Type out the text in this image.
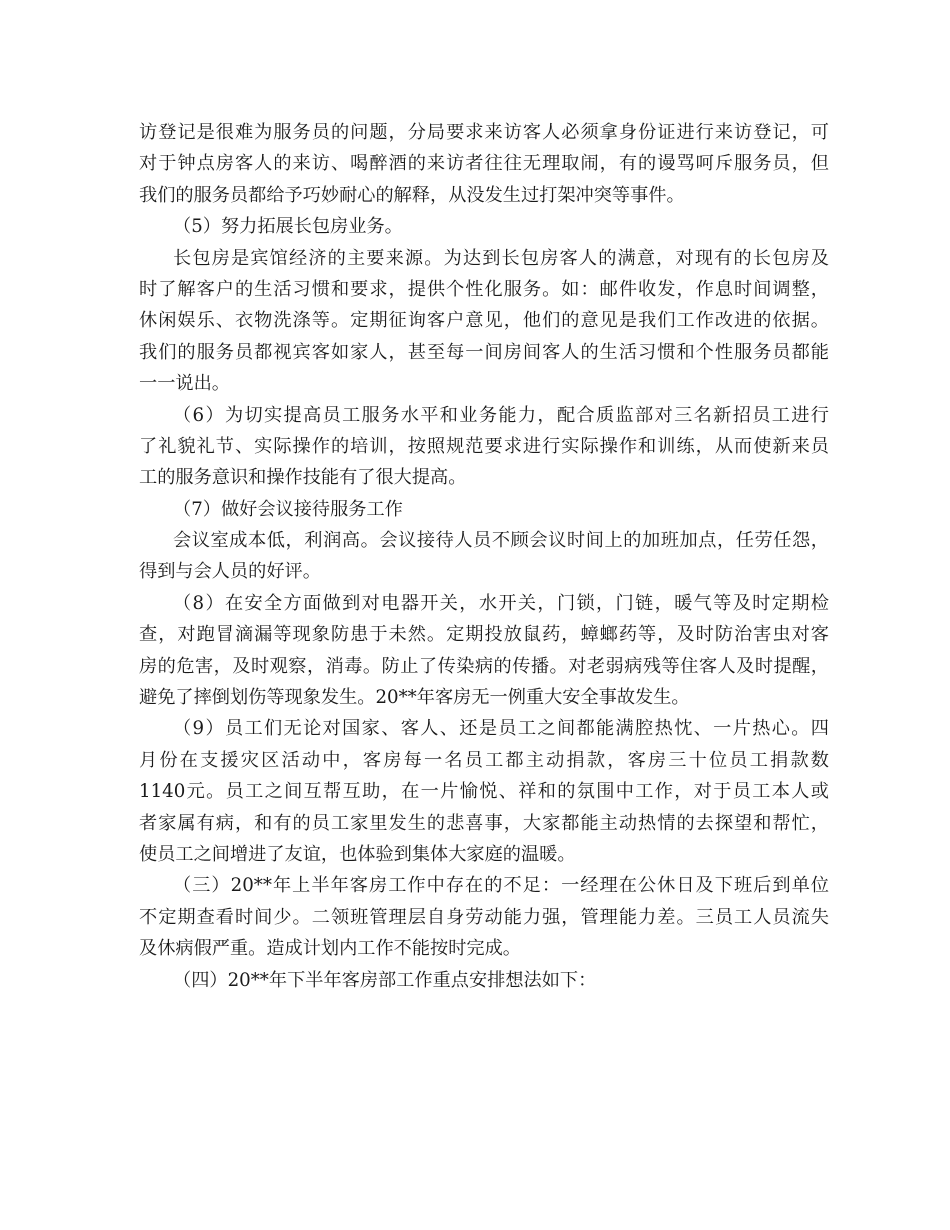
访登记是很难为服务员的问题，分局要求来访客人必须拿身份证进行来访登记，可
对于钟点房客人的来访、喝醉酒的来访者往往无理取闹，有的谩骂呵斥服务员，但
我们的服务员都给予巧妙耐心的解释，从没发生过打架冲突等事件。
（5）努力拓展长包房业务。
长包房是宾馆经济的主要来源。为达到长包房客人的满意，对现有的长包房及
时了解客户的生活习惯和要求，提供个性化服务。如：邮件收发，作息时间调整，
休闲娱乐、衣物洗涤等。定期征询客户意见，他们的意见是我们工作改进的依据。
我们的服务员都视宾客如家人，甚至每一间房间客人的生活习惯和个性服务员都能
一一说出。
（6）为切实提高员工服务水平和业务能力，配合质监部对三名新招员工进行
了礼貌礼节、实际操作的培训，按照规范要求进行实际操作和训练，从而使新来员
工的服务意识和操作技能有了很大提高。
（7）做好会议接待服务工作
会议室成本低，利润高。会议接待人员不顾会议时间上的加班加点，任劳任怨，
得到与会人员的好评。
（8）在安全方面做到对电器开关，水开关，门锁，门链，暖气等及时定期检
查，对跑冒滴漏等现象防患于未然。定期投放鼠药，蟑螂药等，及时防治害虫对客
房的危害，及时观察，消毒。防止了传染病的传播。对老弱病残等住客人及时提醒，
避免了摔倒划伤等现象发生。20**年客房无一例重大安全事故发生。
（9）员工们无论对国家、客人、还是员工之间都能满腔热忱、一片热心。四
月份在支援灾区活动中，客房每一名员工都主动捐款，客房三十位员工捐款数
1140元。员工之间互帮互助，在一片愉悦、祥和的氛围中工作，对于员工本人或
者家属有病，和有的员工家里发生的悲喜事，大家都能主动热情的去探望和帮忙，
使员工之间增进了友谊，也体验到集体大家庭的温暖。
（三）20**年上半年客房工作中存在的不足：一经理在公休日及下班后到单位
不定期查看时间少。二领班管理层自身劳动能力强，管理能力差。三员工人员流失
及休病假严重。造成计划内工作不能按时完成。
（四）20**年下半年客房部工作重点安排想法如下：
